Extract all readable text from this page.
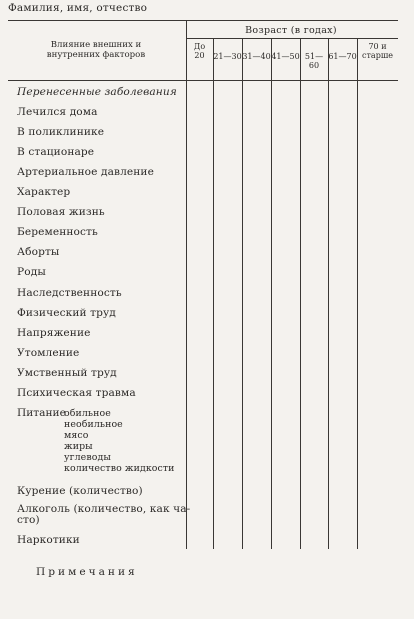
Фамилия, имя, отчество
Влияние внешних и
внутренних факторов
Возраст (в годах)
До
20	21—30 31—40 41—50 51—60
61—70
70 и
старше
Перенесенные заболевания
Лечился дома
В поликлинике
В стационаре
Артериальное давление
Характер
Половая жизнь
Беременность
Аборты
Роды
Наследственность
Физический труд
Напряжение
Утомление
Умственный труд
Психическая травма
Питание
обильное
необильное
мясо
жиры
углеводы
количество жидкости
Курение (количество)
Алкоголь (количество, как ча-
сто)
Наркотики
Примечания
